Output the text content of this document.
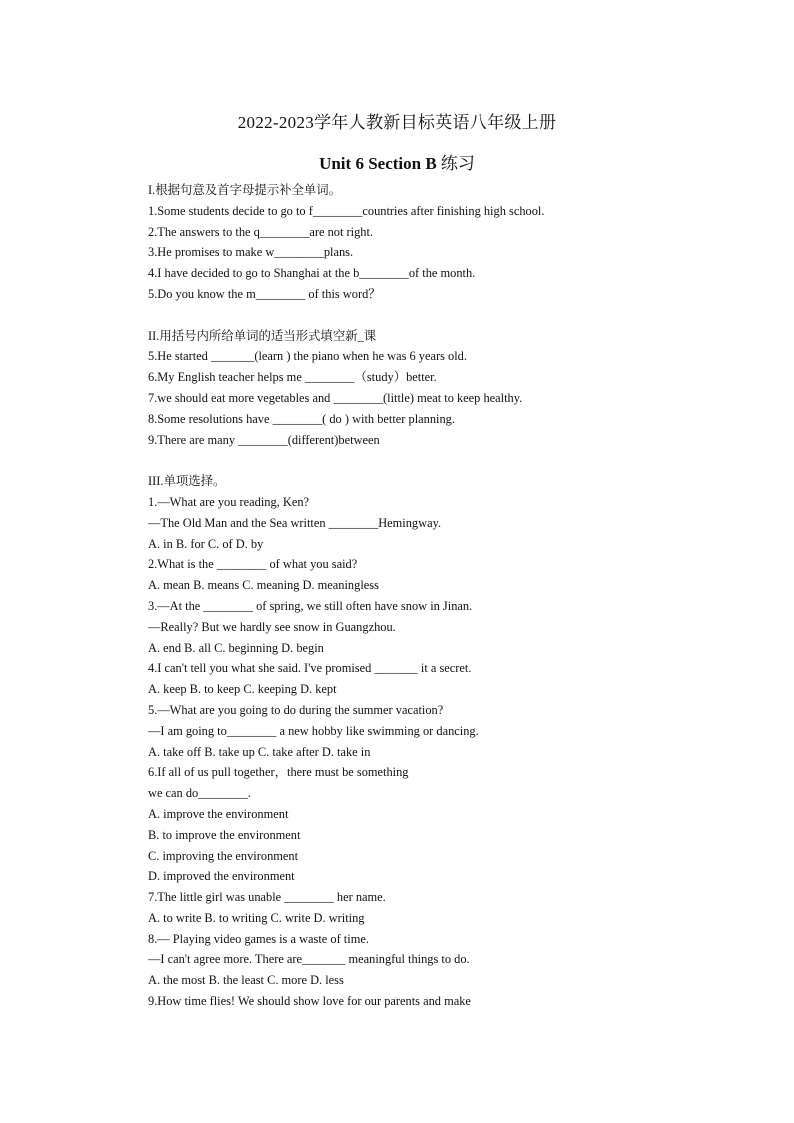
2022-2023学年人教新目标英语八年级上册
Unit 6 Section B 练习
I.根据句意及首字母提示补全单词。
1.Some students decide to go to f________countries after finishing high school.
2.The answers to the q________are not right.
3.He promises to make w________plans.
4.I have decided to go to Shanghai at the b________of the month.
5.Do you know the m________ of this word？
II.用括号内所给单词的适当形式填空新_课
5.He started _______(learn ) the piano when he was 6 years old.
6.My English teacher helps me ________（study）better.
7.we should eat more vegetables and ________(little) meat to keep healthy.
8.Some resolutions have ________( do ) with better planning.
9.There are many ________(different)between
III.单项选择。
1.—What are you reading, Ken?
—The Old Man and the Sea written ________Hemingway.
A. in B. for C. of D. by
2.What is the ________ of what you said?
A. mean B. means C. meaning D. meaningless
3.—At the ________ of spring, we still often have snow in Jinan.
—Really? But we hardly see snow in Guangzhou.
A. end B. all C. beginning D. begin
4.I can't tell you what she said. I've promised _______ it a secret.
A. keep B. to keep C. keeping D. kept
5.—What are you going to do during the summer vacation?
—I am going to________ a new hobby like swimming or dancing.
A. take off B. take up C. take after D. take in
6.If all of us pull together，there must be something
we can do________.
A. improve the environment
B. to improve the environment
C. improving the environment
D. improved the environment
7.The little girl was unable ________ her name.
A. to write B. to writing C. write D. writing
8.— Playing video games is a waste of time.
—I can't agree more. There are_______ meaningful things to do.
A. the most B. the least C. more D. less
9.How time flies! We should show love for our parents and make
